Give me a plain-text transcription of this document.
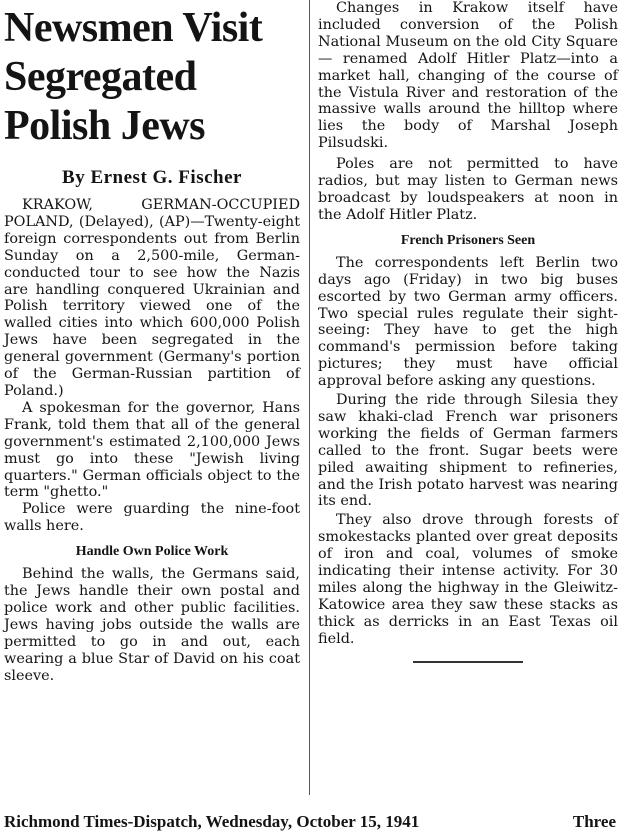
Newsmen Visit
Segregated
Polish Jews
By Ernest G. Fischer

KRAKOW, GERMAN-OCCUPIED POLAND, (Delayed), (AP)—Twenty-eight foreign correspondents out from Berlin Sunday on a 2,500-mile, German-conducted tour to see how the Nazis are handling conquered Ukrainian and Polish territory viewed one of the walled cities into which 600,000 Polish Jews have been segregated in the general government (Germany's portion of the German-Russian partition of Poland.)

A spokesman for the governor, Hans Frank, told them that all of the general government's estimated 2,100,000 Jews must go into these "Jewish living quarters." German officials object to the term "ghetto."

Police were guarding the nine-foot walls here.

Handle Own Police Work

Behind the walls, the Germans said, the Jews handle their own postal and police work and other public facilities. Jews having jobs outside the walls are permitted to go in and out, each wearing a blue Star of David on his coat sleeve.

Changes in Krakow itself have included conversion of the Polish National Museum on the old City Square — renamed Adolf Hitler Platz—into a market hall, changing of the course of the Vistula River and restoration of the massive walls around the hilltop where lies the body of Marshal Joseph Pilsudski.

Poles are not permitted to have radios, but may listen to German news broadcast by loudspeakers at noon in the Adolf Hitler Platz.

French Prisoners Seen

The correspondents left Berlin two days ago (Friday) in two big buses escorted by two German army officers. Two special rules regulate their sight-seeing: They have to get the high command's permission before taking pictures; they must have official approval before asking any questions.

During the ride through Silesia they saw khaki-clad French war prisoners working the fields of German farmers called to the front. Sugar beets were piled awaiting shipment to refineries, and the Irish potato harvest was nearing its end.

They also drove through forests of smokestacks planted over great deposits of iron and coal, volumes of smoke indicating their intense activity. For 30 miles along the highway in the Gleiwitz-Katowice area they saw these stacks as thick as derricks in an East Texas oil field.

Richmond Times-Dispatch, Wednesday, October 15, 1941	Three
